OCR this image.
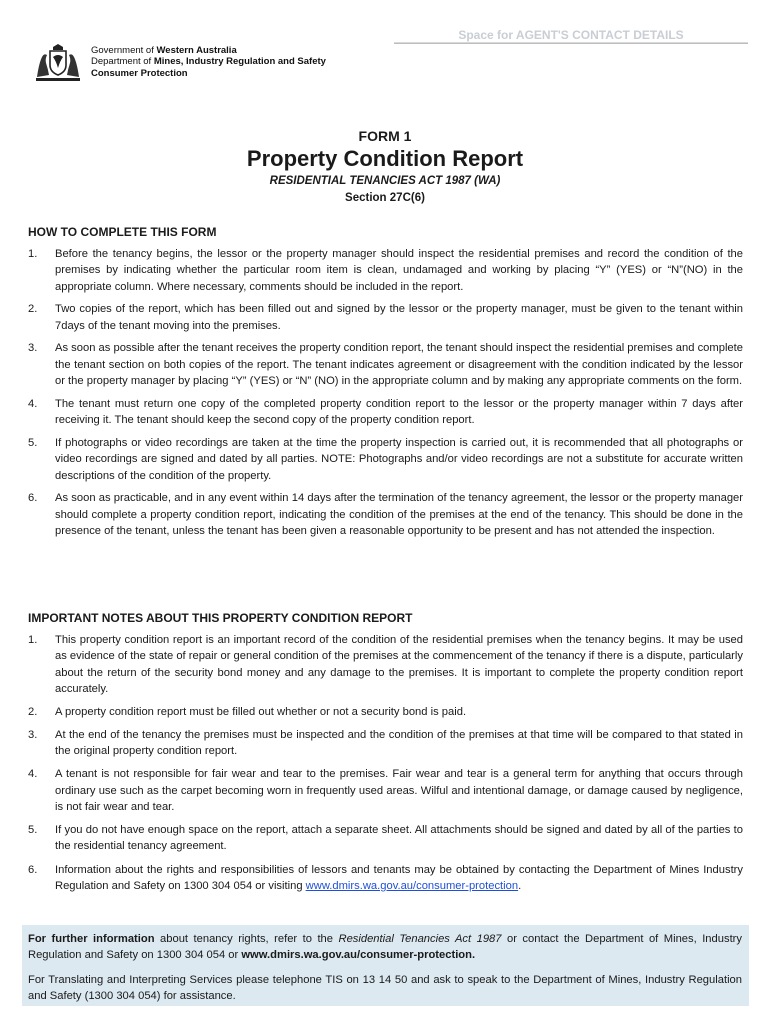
Space for AGENT'S CONTACT DETAILS
Government of Western Australia
Department of Mines, Industry Regulation and Safety
Consumer Protection
FORM 1
Property Condition Report
RESIDENTIAL TENANCIES ACT 1987 (WA)
Section 27C(6)
HOW TO COMPLETE THIS FORM
1. Before the tenancy begins, the lessor or the property manager should inspect the residential premises and record the condition of the premises by indicating whether the particular room item is clean, undamaged and working by placing “Y” (YES) or “N”(NO) in the appropriate column. Where necessary, comments should be included in the report.
2. Two copies of the report, which has been filled out and signed by the lessor or the property manager, must be given to the tenant within 7days of the tenant moving into the premises.
3. As soon as possible after the tenant receives the property condition report, the tenant should inspect the residential premises and complete the tenant section on both copies of the report. The tenant indicates agreement or disagreement with the condition indicated by the lessor or the property manager by placing “Y” (YES) or “N” (NO) in the appropriate column and by making any appropriate comments on the form.
4. The tenant must return one copy of the completed property condition report to the lessor or the property manager within 7 days after receiving it. The tenant should keep the second copy of the property condition report.
5. If photographs or video recordings are taken at the time the property inspection is carried out, it is recommended that all photographs or video recordings are signed and dated by all parties. NOTE: Photographs and/or video recordings are not a substitute for accurate written descriptions of the condition of the property.
6. As soon as practicable, and in any event within 14 days after the termination of the tenancy agreement, the lessor or the property manager should complete a property condition report, indicating the condition of the premises at the end of the tenancy. This should be done in the presence of the tenant, unless the tenant has been given a reasonable opportunity to be present and has not attended the inspection.
IMPORTANT NOTES ABOUT THIS PROPERTY CONDITION REPORT
1. This property condition report is an important record of the condition of the residential premises when the tenancy begins. It may be used as evidence of the state of repair or general condition of the premises at the commencement of the tenancy if there is a dispute, particularly about the return of the security bond money and any damage to the premises. It is important to complete the property condition report accurately.
2. A property condition report must be filled out whether or not a security bond is paid.
3. At the end of the tenancy the premises must be inspected and the condition of the premises at that time will be compared to that stated in the original property condition report.
4. A tenant is not responsible for fair wear and tear to the premises. Fair wear and tear is a general term for anything that occurs through ordinary use such as the carpet becoming worn in frequently used areas. Wilful and intentional damage, or damage caused by negligence, is not fair wear and tear.
5. If you do not have enough space on the report, attach a separate sheet. All attachments should be signed and dated by all of the parties to the residential tenancy agreement.
6. Information about the rights and responsibilities of lessors and tenants may be obtained by contacting the Department of Mines Industry Regulation and Safety on 1300 304 054 or visiting www.dmirs.wa.gov.au/consumer-protection.

For further information about tenancy rights, refer to the Residential Tenancies Act 1987 or contact the Department of Mines, Industry Regulation and Safety on 1300 304 054 or www.dmirs.wa.gov.au/consumer-protection.

For Translating and Interpreting Services please telephone TIS on 13 14 50 and ask to speak to the Department of Mines, Industry Regulation and Safety (1300 304 054) for assistance.
